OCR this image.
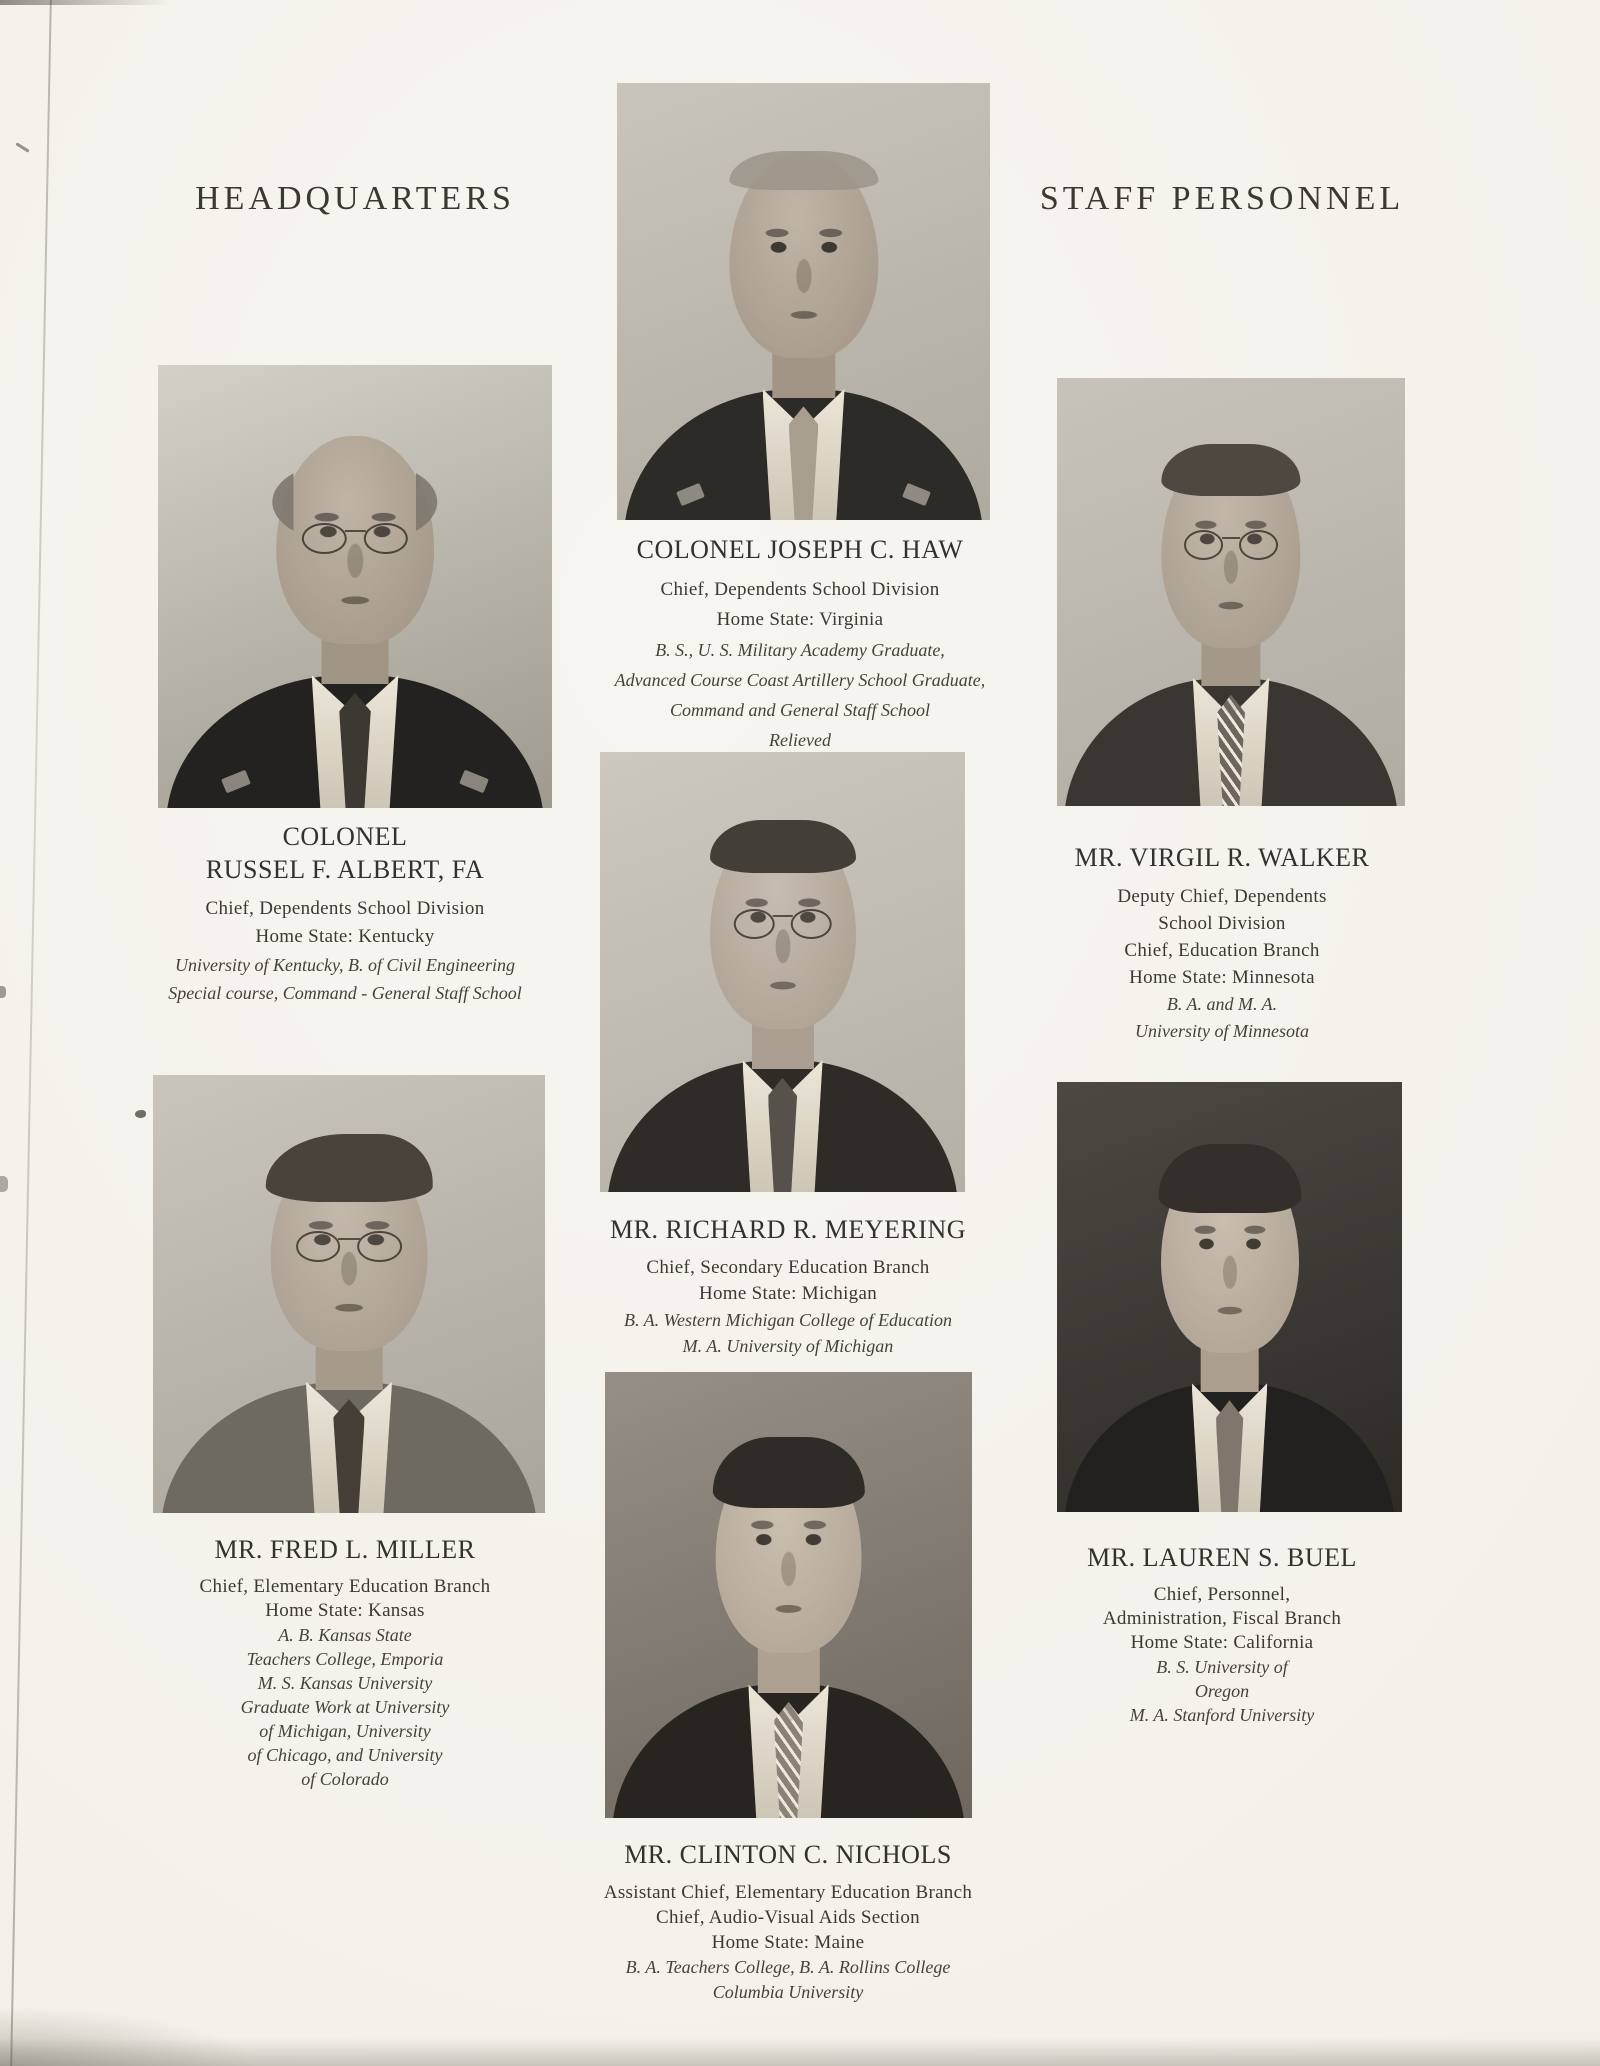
HEADQUARTERS	STAFF PERSONNEL
COLONEL JOSEPH C. HAW
Chief, Dependents School Division
Home State: Virginia
B. S., U. S. Military Academy Graduate,
Advanced Course Coast Artillery School Graduate,
Command and General Staff School
Relieved
COLONEL
RUSSEL F. ALBERT, FA
Chief, Dependents School Division
Home State: Kentucky
University of Kentucky, B. of Civil Engineering
Special course, Command - General Staff School
MR. VIRGIL R. WALKER
Deputy Chief, Dependents
School Division
Chief, Education Branch
Home State: Minnesota
B. A. and M. A.
University of Minnesota
MR. RICHARD R. MEYERING
Chief, Secondary Education Branch
Home State: Michigan
B. A. Western Michigan College of Education
M. A. University of Michigan
MR. FRED L. MILLER
Chief, Elementary Education Branch
Home State: Kansas
A. B. Kansas State
Teachers College, Emporia
M. S. Kansas University
Graduate Work at University
of Michigan, University
of Chicago, and University
of Colorado
MR. LAUREN S. BUEL
Chief, Personnel,
Administration, Fiscal Branch
Home State: California
B. S. University of
Oregon
M. A. Stanford University
MR. CLINTON C. NICHOLS
Assistant Chief, Elementary Education Branch
Chief, Audio-Visual Aids Section
Home State: Maine
B. A. Teachers College, B. A. Rollins College
Columbia University
